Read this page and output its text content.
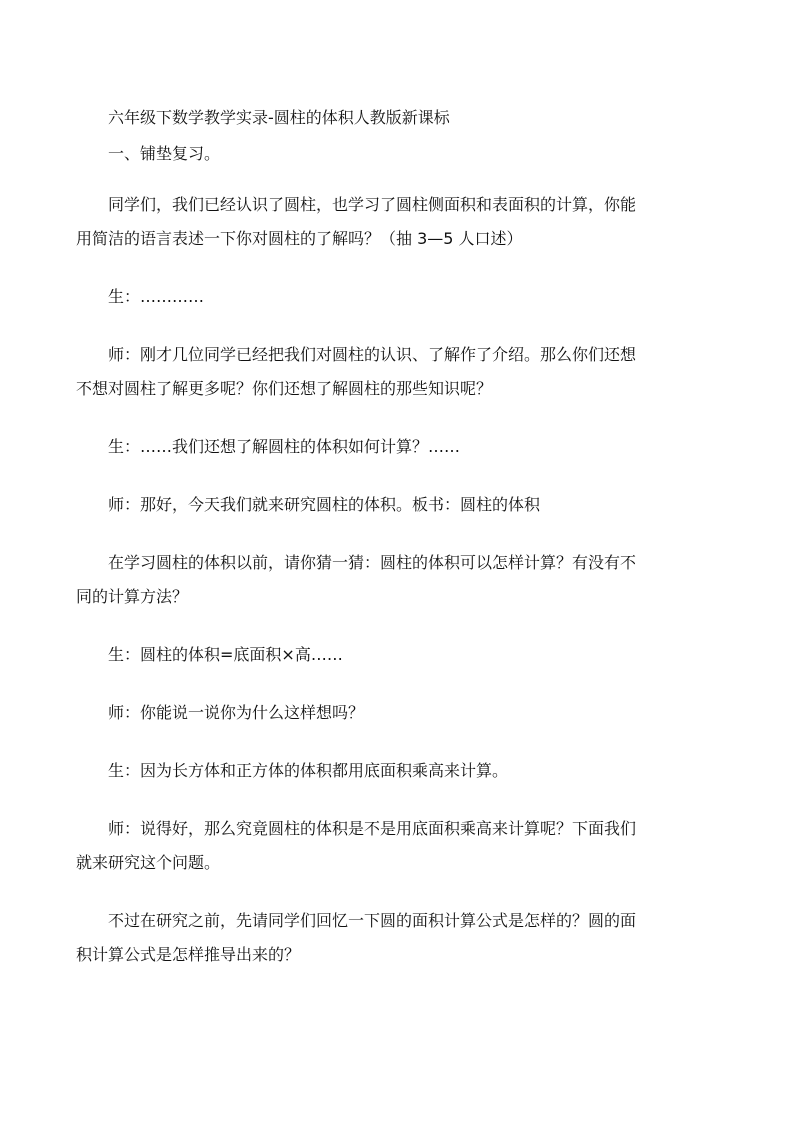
六年级下数学教学实录-圆柱的体积人教版新课标
一、铺垫复习。

同学们，我们已经认识了圆柱，也学习了圆柱侧面积和表面积的计算，你能
用简洁的语言表述一下你对圆柱的了解吗？（抽 3—5 人口述）

生：…………

师：刚才几位同学已经把我们对圆柱的认识、了解作了介绍。那么你们还想
不想对圆柱了解更多呢？你们还想了解圆柱的那些知识呢？

生：……我们还想了解圆柱的体积如何计算？……

师：那好，今天我们就来研究圆柱的体积。板书：圆柱的体积

在学习圆柱的体积以前，请你猜一猜：圆柱的体积可以怎样计算？有没有不
同的计算方法？

生：圆柱的体积=底面积×高……

师：你能说一说你为什么这样想吗？

生：因为长方体和正方体的体积都用底面积乘高来计算。

师：说得好，那么究竟圆柱的体积是不是用底面积乘高来计算呢？下面我们
就来研究这个问题。

不过在研究之前，先请同学们回忆一下圆的面积计算公式是怎样的？圆的面
积计算公式是怎样推导出来的？
